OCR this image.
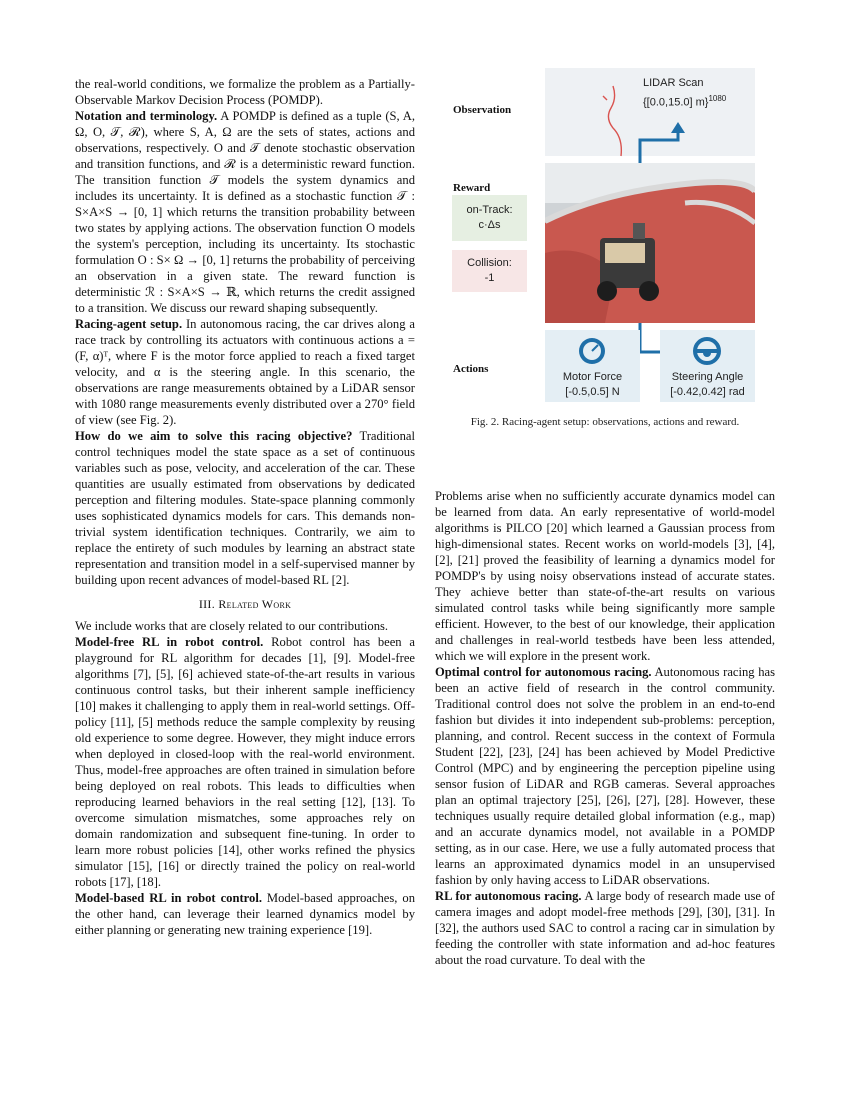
the real-world conditions, we formalize the problem as a Partially-Observable Markov Decision Process (POMDP).

Notation and terminology. A POMDP is defined as a tuple (S, A, Ω, O, 𝒯, ℛ), where S, A, Ω are the sets of states, actions and observations, respectively. O and 𝒯 denote stochastic observation and transition functions, and ℛ is a deterministic reward function. The transition function 𝒯 models the system dynamics and includes its uncertainty. It is defined as a stochastic function 𝒯 : S×A×S → [0, 1] which returns the transition probability between two states by applying actions. The observation function O models the system's perception, including its uncertainty. Its stochastic formulation O : S× Ω → [0, 1] returns the probability of perceiving an observation in a given state. The reward function is deterministic ℛ : S×A×S → ℝ, which returns the credit assigned to a transition. We discuss our reward shaping subsequently.

Racing-agent setup. In autonomous racing, the car drives along a race track by controlling its actuators with continuous actions a = (F, α)ᵀ, where F is the motor force applied to reach a fixed target velocity, and α is the steering angle. In this scenario, the observations are range measurements obtained by a LiDAR sensor with 1080 range measurements evenly distributed over a 270° field of view (see Fig. 2).

How do we aim to solve this racing objective? Traditional control techniques model the state space as a set of continuous variables such as pose, velocity, and acceleration of the car. These quantities are usually estimated from observations by dedicated perception and filtering modules. State-space planning commonly uses sophisticated dynamics models for cars. This demands non-trivial system identification techniques. Contrarily, we aim to replace the entirety of such modules by learning an abstract state representation and transition model in a self-supervised manner by building upon recent advances of model-based RL [2].

III. Related Work

We include works that are closely related to our contributions.

Model-free RL in robot control. Robot control has been a playground for RL algorithm for decades [1], [9]. Model-free algorithms [7], [5], [6] achieved state-of-the-art results in various continuous control tasks, but their inherent sample inefficiency [10] makes it challenging to apply them in real-world settings. Off-policy [11], [5] methods reduce the sample complexity by reusing old experience to some degree. However, they might induce errors when deployed in closed-loop with the real-world environment. Thus, model-free approaches are often trained in simulation before being deployed on real robots. This leads to difficulties when reproducing learned behaviors in the real setting [12], [13]. To overcome simulation mismatches, some approaches rely on domain randomization and subsequent fine-tuning. In order to learn more robust policies [14], other works refined the physics simulator [15], [16] or directly trained the policy on real-world robots [17], [18].

Model-based RL in robot control. Model-based approaches, on the other hand, can leverage their learned dynamics model by either planning or generating new training experience [19].

Observation
Reward
Actions
LIDAR Scan
{[0.0,15.0] m}$^{1080}$
on-Track:
c·Δs
Collision:
-1
Motor Force
[-0.5,0.5] N
Steering Angle
[-0.42,0.42] rad
Fig. 2. Racing-agent setup: observations, actions and reward.

Problems arise when no sufficiently accurate dynamics model can be learned from data. An early representative of world-model algorithms is PILCO [20] which learned a Gaussian process from high-dimensional states. Recent works on world-models [3], [4], [2], [21] proved the feasibility of learning a dynamics model for POMDP's by using noisy observations instead of accurate states. They achieve better than state-of-the-art results on various simulated control tasks while being significantly more sample efficient. However, to the best of our knowledge, their application and challenges in real-world testbeds have been less attended, which we will explore in the present work.

Optimal control for autonomous racing. Autonomous racing has been an active field of research in the control community. Traditional control does not solve the problem in an end-to-end fashion but divides it into independent sub-problems: perception, planning, and control. Recent success in the context of Formula Student [22], [23], [24] has been achieved by Model Predictive Control (MPC) and by engineering the perception pipeline using sensor fusion of LiDAR and RGB cameras. Several approaches plan an optimal trajectory [25], [26], [27], [28]. However, these techniques usually require detailed global information (e.g., map) and an accurate dynamics model, not available in a POMDP setting, as in our case. Here, we use a fully automated process that learns an approximated dynamics model in an unsupervised fashion by only having access to LiDAR observations.

RL for autonomous racing. A large body of research made use of camera images and adopt model-free methods [29], [30], [31]. In [32], the authors used SAC to control a racing car in simulation by feeding the controller with state information and ad-hoc features about the road curvature. To deal with the
